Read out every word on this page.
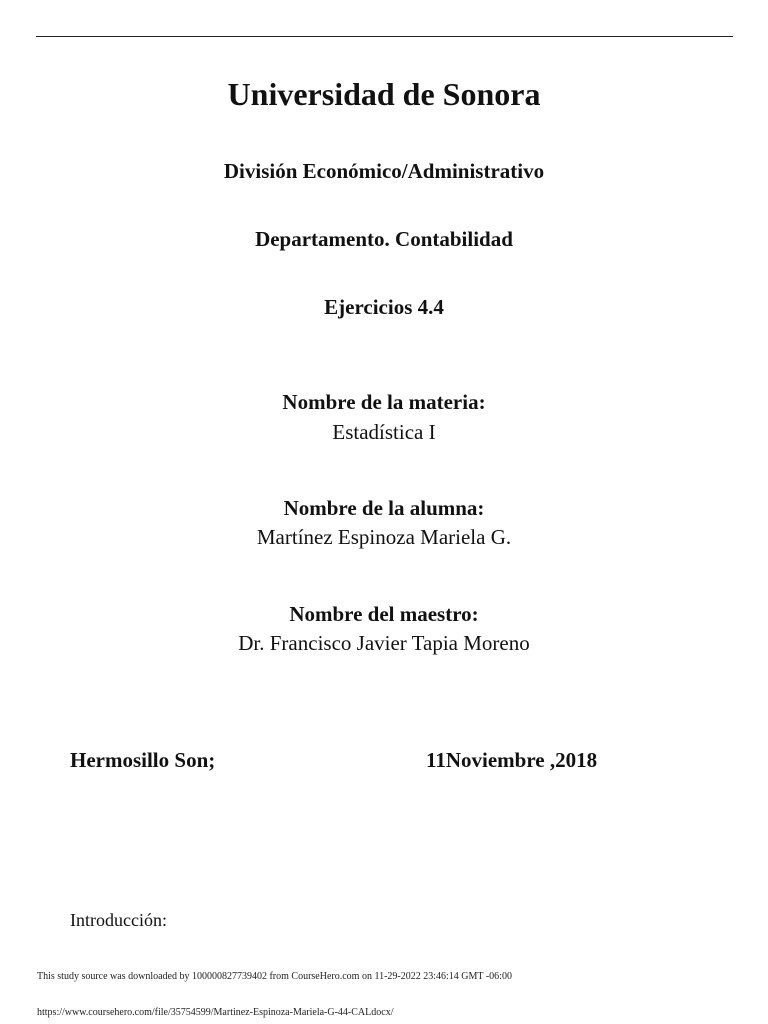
Universidad de Sonora
División Económico/Administrativo
Departamento. Contabilidad
Ejercicios 4.4
Nombre de la materia:
Estadística I
Nombre de la alumna:
Martínez Espinoza Mariela G.
Nombre del maestro:
Dr. Francisco Javier Tapia Moreno
Hermosillo Son;	11Noviembre ,2018
Introducción:
This study source was downloaded by 100000827739402 from CourseHero.com on 11-29-2022 23:46:14 GMT -06:00
https://www.coursehero.com/file/35754599/Martinez-Espinoza-Mariela-G-44-CALdocx/
